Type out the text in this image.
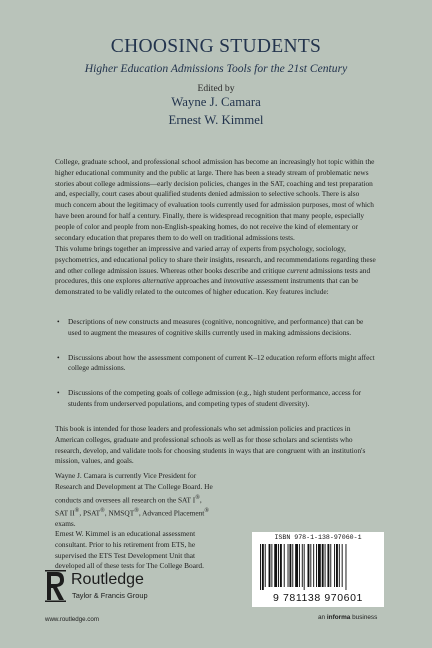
CHOOSING STUDENTS
Higher Education Admissions Tools for the 21st Century
Edited by
Wayne J. Camara
Ernest W. Kimmel

College, graduate school, and professional school admission has become an increasingly hot topic within the higher educational community and the public at large. There has been a steady stream of problematic news stories about college admissions—early decision policies, changes in the SAT, coaching and test preparation and, especially, court cases about qualified students denied admission to selective schools. There is also much concern about the legitimacy of evaluation tools currently used for admission purposes, most of which have been around for half a century. Finally, there is widespread recognition that many people, especially people of color and people from non-English-speaking homes, do not receive the kind of elementary or secondary education that prepares them to do well on traditional admissions tests.

This volume brings together an impressive and varied array of experts from psychology, sociology, psychometrics, and educational policy to share their insights, research, and recommendations regarding these and other college admission issues. Whereas other books describe and critique current admissions tests and procedures, this one explores alternative approaches and innovative assessment instruments that can be demonstrated to be validly related to the outcomes of higher education. Key features include:

• Descriptions of new constructs and measures (cognitive, noncognitive, and performance) that can be used to augment the measures of cognitive skills currently used in making admissions decisions.
• Discussions about how the assessment component of current K–12 education reform efforts might affect college admissions.
• Discussions of the competing goals of college admission (e.g., high student performance, access for students from underserved populations, and competing types of student diversity).

This book is intended for those leaders and professionals who set admission policies and practices in American colleges, graduate and professional schools as well as for those scholars and scientists who research, develop, and validate tools for choosing students in ways that are congruent with an institution's mission, values, and goals.

Wayne J. Camara is currently Vice President for Research and Development at The College Board. He conducts and oversees all research on the SAT I®, SAT II®, PSAT®, NMSQT®, Advanced Placement® exams.
Ernest W. Kimmel is an educational assessment consultant. Prior to his retirement from ETS, he supervised the ETS Test Development Unit that developed all of these tests for The College Board.
ISBN 978-1-138-97060-1
9 781138 970601
Routledge
Taylor & Francis Group
www.routledge.com	an informa business
